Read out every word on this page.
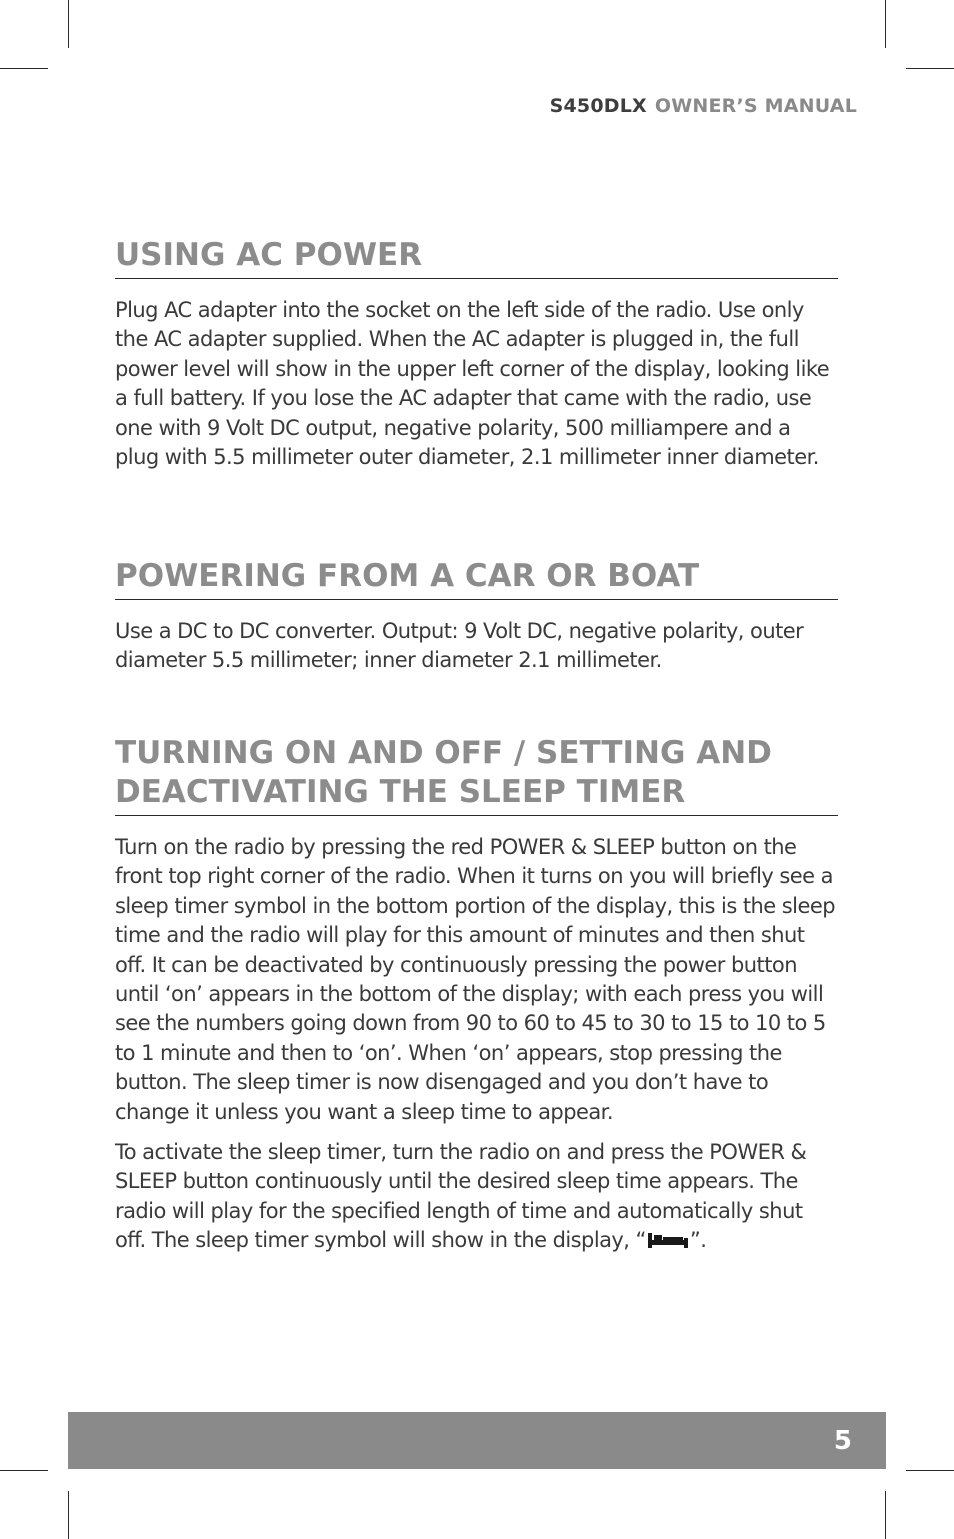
S450DLX OWNER’S MANUAL
USING AC POWER

Plug AC adapter into the socket on the left side of the radio. Use only the AC adapter supplied. When the AC adapter is plugged in, the full power level will show in the upper left corner of the display, looking like a full battery. If you lose the AC adapter that came with the radio, use one with 9 Volt DC output, negative polarity, 500 milliampere and a plug with 5.5 millimeter outer diameter, 2.1 millimeter inner diameter.

POWERING FROM A CAR OR BOAT

Use a DC to DC converter. Output: 9 Volt DC, negative polarity, outer diameter 5.5 millimeter; inner diameter 2.1 millimeter.

TURNING ON AND OFF / SETTING AND
DEACTIVATING THE SLEEP TIMER

Turn on the radio by pressing the red POWER & SLEEP button on the front top right corner of the radio. When it turns on you will briefly see a sleep timer symbol in the bottom portion of the display, this is the sleep time and the radio will play for this amount of minutes and then shut off. It can be deactivated by continuously pressing the power button until ‘on’ appears in the bottom of the display; with each press you will see the numbers going down from 90 to 60 to 45 to 30 to 15 to 10 to 5 to 1 minute and then to ‘on’. When ‘on’ appears, stop pressing the button. The sleep timer is now disengaged and you don’t have to change it unless you want a sleep time to appear.

To activate the sleep timer, turn the radio on and press the POWER & SLEEP button continuously until the desired sleep time appears. The radio will play for the specified length of time and automatically shut off. The sleep timer symbol will show in the display, “ ”.

5
